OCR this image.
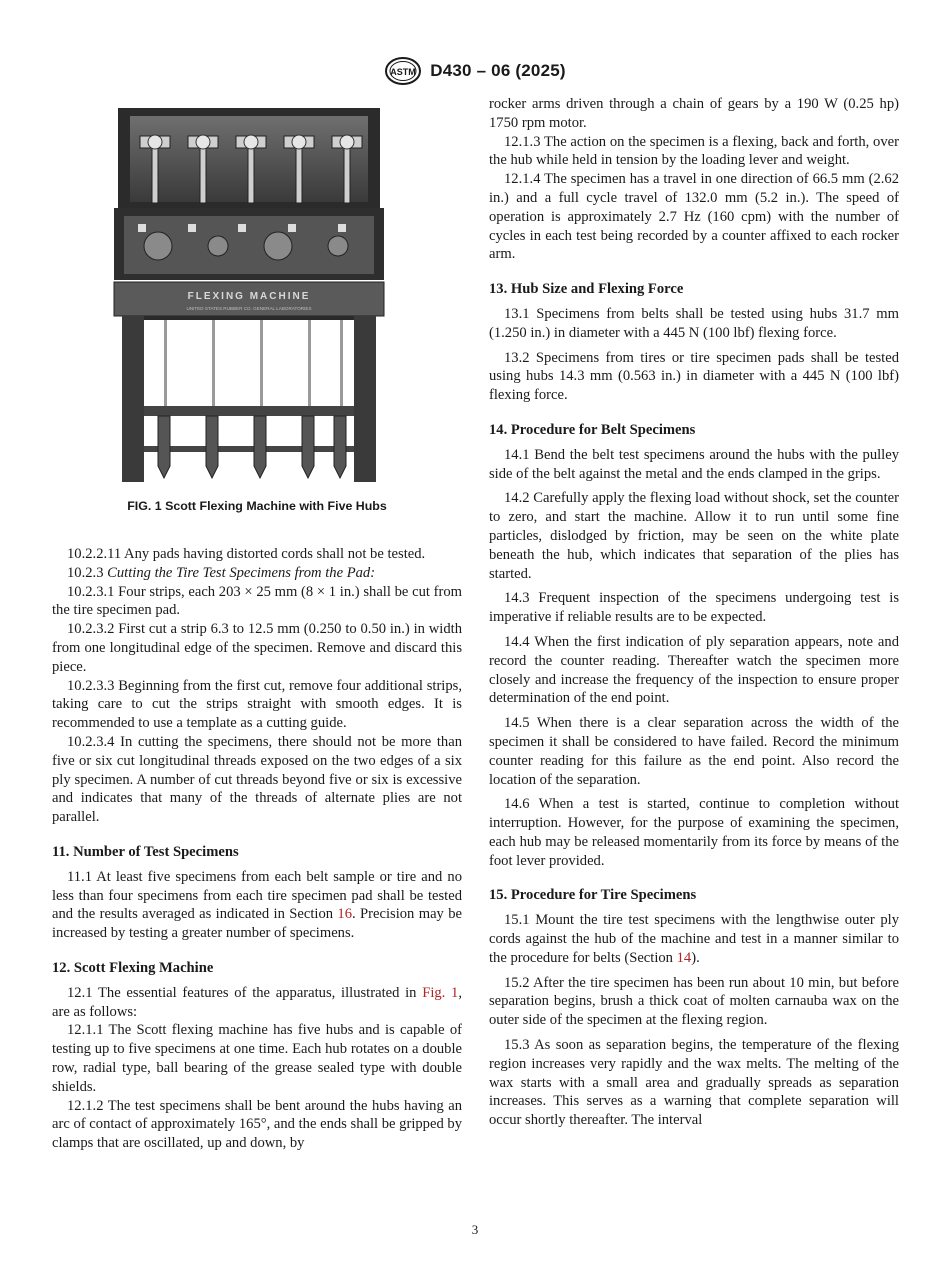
ASTM D430 – 06 (2025)
FLEXING MACHINE
UNITED STATES RUBBER CO. GENERAL LABORATORIES
FIG. 1 Scott Flexing Machine with Five Hubs

10.2.2.11 Any pads having distorted cords shall not be tested.

10.2.3 Cutting the Tire Test Specimens from the Pad:

10.2.3.1 Four strips, each 203 × 25 mm (8 × 1 in.) shall be cut from the tire specimen pad.

10.2.3.2 First cut a strip 6.3 to 12.5 mm (0.250 to 0.50 in.) in width from one longitudinal edge of the specimen. Remove and discard this piece.

10.2.3.3 Beginning from the first cut, remove four additional strips, taking care to cut the strips straight with smooth edges. It is recommended to use a template as a cutting guide.

10.2.3.4 In cutting the specimens, there should not be more than five or six cut longitudinal threads exposed on the two edges of a six ply specimen. A number of cut threads beyond five or six is excessive and indicates that many of the threads of alternate plies are not parallel.

11. Number of Test Specimens

11.1 At least five specimens from each belt sample or tire and no less than four specimens from each tire specimen pad shall be tested and the results averaged as indicated in Section 16. Precision may be increased by testing a greater number of specimens.

12. Scott Flexing Machine

12.1 The essential features of the apparatus, illustrated in Fig. 1, are as follows:

12.1.1 The Scott flexing machine has five hubs and is capable of testing up to five specimens at one time. Each hub rotates on a double row, radial type, ball bearing of the grease sealed type with double shields.

12.1.2 The test specimens shall be bent around the hubs having an arc of contact of approximately 165°, and the ends shall be gripped by clamps that are oscillated, up and down, by

rocker arms driven through a chain of gears by a 190 W (0.25 hp) 1750 rpm motor.

12.1.3 The action on the specimen is a flexing, back and forth, over the hub while held in tension by the loading lever and weight.

12.1.4 The specimen has a travel in one direction of 66.5 mm (2.62 in.) and a full cycle travel of 132.0 mm (5.2 in.). The speed of operation is approximately 2.7 Hz (160 cpm) with the number of cycles in each test being recorded by a counter affixed to each rocker arm.

13. Hub Size and Flexing Force

13.1 Specimens from belts shall be tested using hubs 31.7 mm (1.250 in.) in diameter with a 445 N (100 lbf) flexing force.

13.2 Specimens from tires or tire specimen pads shall be tested using hubs 14.3 mm (0.563 in.) in diameter with a 445 N (100 lbf) flexing force.

14. Procedure for Belt Specimens

14.1 Bend the belt test specimens around the hubs with the pulley side of the belt against the metal and the ends clamped in the grips.

14.2 Carefully apply the flexing load without shock, set the counter to zero, and start the machine. Allow it to run until some fine particles, dislodged by friction, may be seen on the white plate beneath the hub, which indicates that separation of the plies has started.

14.3 Frequent inspection of the specimens undergoing test is imperative if reliable results are to be expected.

14.4 When the first indication of ply separation appears, note and record the counter reading. Thereafter watch the specimen more closely and increase the frequency of the inspection to ensure proper determination of the end point.

14.5 When there is a clear separation across the width of the specimen it shall be considered to have failed. Record the minimum counter reading for this failure as the end point. Also record the location of the separation.

14.6 When a test is started, continue to completion without interruption. However, for the purpose of examining the specimen, each hub may be released momentarily from its force by means of the foot lever provided.

15. Procedure for Tire Specimens

15.1 Mount the tire test specimens with the lengthwise outer ply cords against the hub of the machine and test in a manner similar to the procedure for belts (Section 14).

15.2 After the tire specimen has been run about 10 min, but before separation begins, brush a thick coat of molten carnauba wax on the outer side of the specimen at the flexing region.

15.3 As soon as separation begins, the temperature of the flexing region increases very rapidly and the wax melts. The melting of the wax starts with a small area and gradually spreads as separation increases. This serves as a warning that complete separation will occur shortly thereafter. The interval

3
